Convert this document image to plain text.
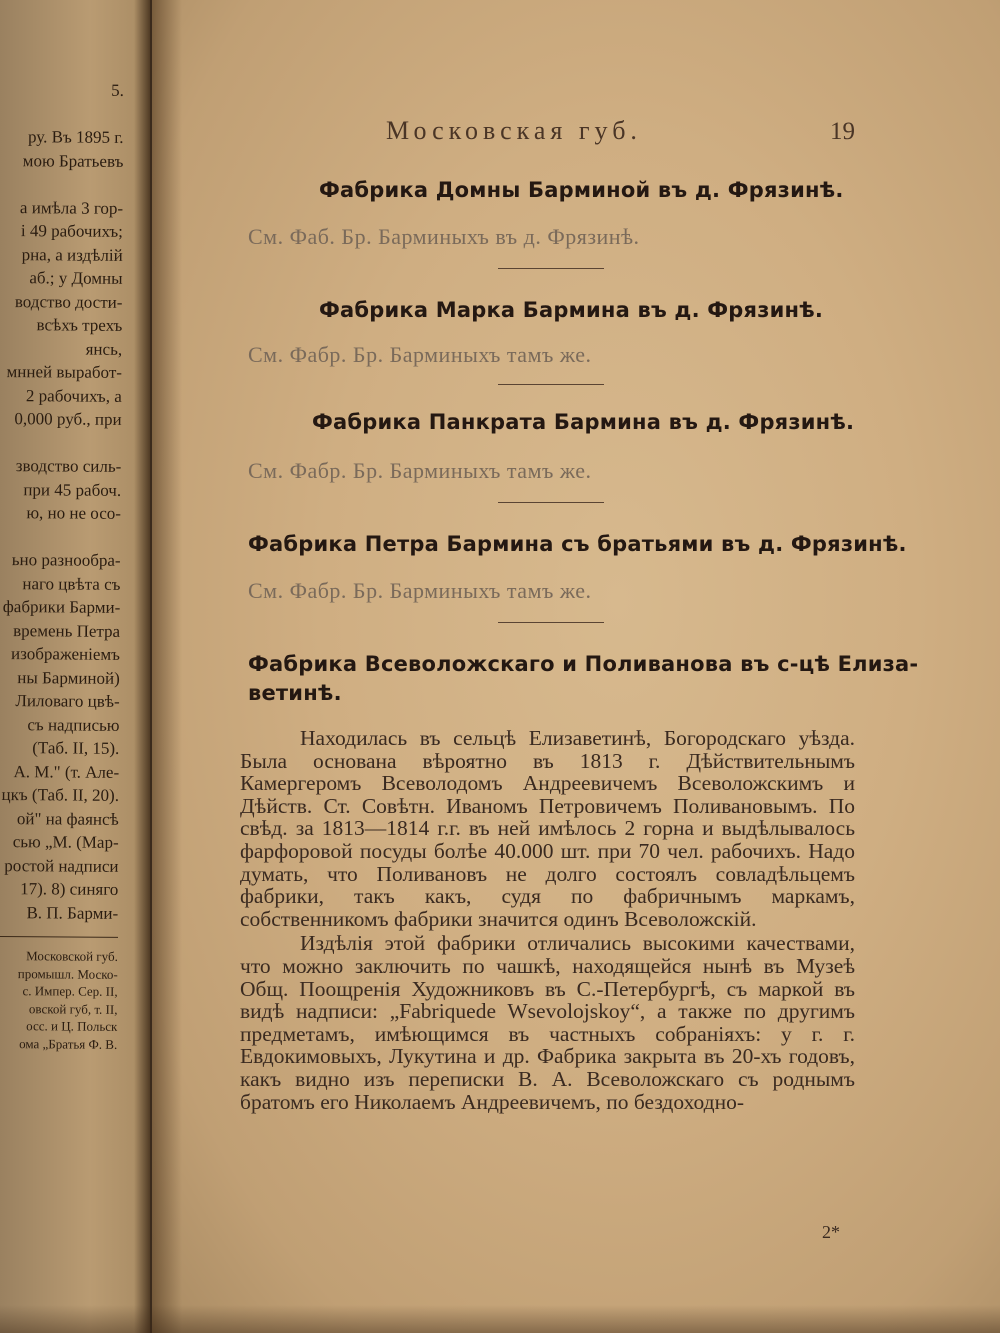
5.

ру. Въ 1895 г.
мою Братьевъ

а имѣла 3 гор-
i 49 рабочихъ;
рна, а издѣлій
аб.; у Домны
водство дости-
всѣхъ трехъ
янсь,
мнней выработ-
2 рабочихъ, а
0,000 руб., при

зводство силь-
при 45 рабоч.
ю, но не осо-

ьно разнообра-
наго цвѣта съ
фабрики Барми-
времень Петра
изображеніемъ
ны Барминой)
Лиловаго цвѣ-
съ надписью
(Таб. II, 15).
А. М." (т. Але-
цкъ (Таб. II, 20).
ой" на фаянсѣ
сью „М. (Мар-
ростой надписи
17). 8) синяго
В. П. Барми-
Московской губ.
промышл. Моско-
с. Импер. Сер. II,
овской губ, т. II,
осс. и Ц. Польск
ома „Братья Ф. В.
Московская губ.	19
Фабрика Домны Барминой въ д. Фрязинѣ.
См. Фаб. Бр. Барминыхъ въ д. Фрязинѣ.
Фабрика Марка Бармина въ д. Фрязинѣ.
См. Фабр. Бр. Барминыхъ тамъ же.
Фабрика Панкрата Бармина въ д. Фрязинѣ.
См. Фабр. Бр. Барминыхъ тамъ же.
Фабрика Петра Бармина съ братьями въ д. Фрязинѣ.
См. Фабр. Бр. Барминыхъ тамъ же.
Фабрика Всеволожскаго и Поливанова въ с-цѣ Елиза-
ветинѣ.

Находилась въ сельцѣ Елизаветинѣ, Богородскаго уѣзда. Была основана вѣроятно въ 1813 г. Дѣйствительнымъ Камергеромъ Всеволодомъ Андреевичемъ Всеволожскимъ и Дѣйств. Ст. Совѣтн. Иваномъ Петровичемъ Поливановымъ. По свѣд. за 1813—1814 г.г. въ ней имѣлось 2 горна и выдѣлывалось фарфоровой посуды болѣе 40.000 шт. при 70 чел. рабочихъ. Надо думать, что Поливановъ не долго состоялъ совладѣльцемъ фабрики, такъ какъ, судя по фабричнымъ маркамъ, собственникомъ фабрики значится одинъ Всеволожскій.

Издѣлія этой фабрики отличались высокими качествами, что можно заключить по чашкѣ, находящейся нынѣ въ Музеѣ Общ. Поощренія Художниковъ въ С.-Петербургѣ, съ маркой въ видѣ надписи: „Fabriquede Wsevolojskoy“, а также по другимъ предметамъ, имѣющимся въ частныхъ собраніяхъ: у г. г. Евдокимовыхъ, Лукутина и др. Фабрика закрыта въ 20-хъ годовъ, какъ видно изъ переписки В. А. Всеволожскаго съ роднымъ братомъ его Николаемъ Андреевичемъ, по бездоходно-

2*
